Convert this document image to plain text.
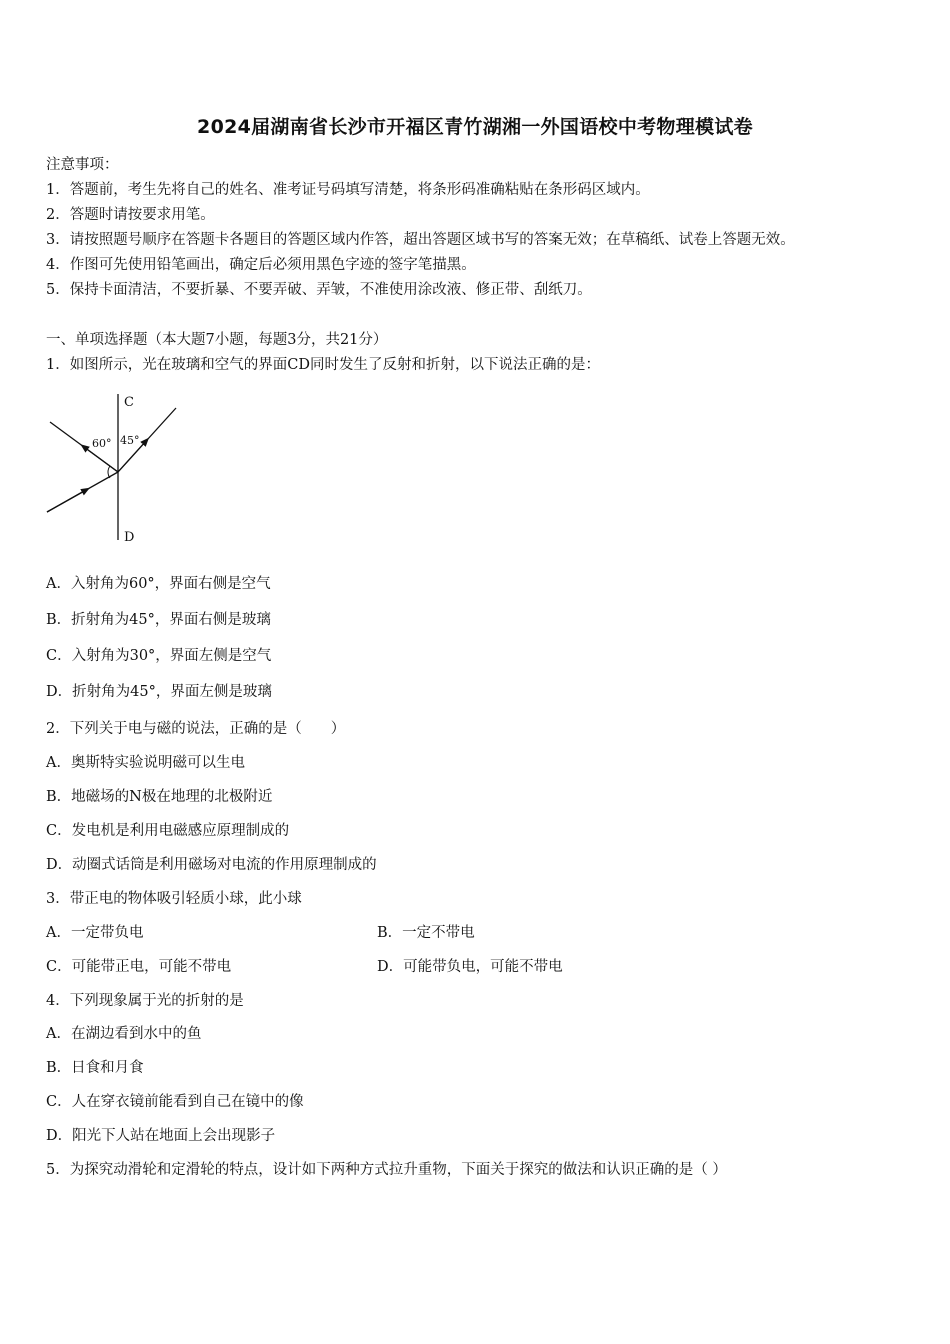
2024届湖南省长沙市开福区青竹湖湘一外国语校中考物理模试卷
注意事项：
1．答题前，考生先将自己的姓名、准考证号码填写清楚，将条形码准确粘贴在条形码区域内。
2．答题时请按要求用笔。
3．请按照题号顺序在答题卡各题目的答题区域内作答，超出答题区域书写的答案无效；在草稿纸、试卷上答题无效。
4．作图可先使用铅笔画出，确定后必须用黑色字迹的签字笔描黑。
5．保持卡面清洁，不要折暴、不要弄破、弄皱，不准使用涂改液、修正带、刮纸刀。
一、单项选择题（本大题7小题，每题3分，共21分）
1．如图所示，光在玻璃和空气的界面CD同时发生了反射和折射，以下说法正确的是：
C
D
60° 45°
A．入射角为60°，界面右侧是空气
B．折射角为45°，界面右侧是玻璃
C．入射角为30°，界面左侧是空气
D．折射角为45°，界面左侧是玻璃
2．下列关于电与磁的说法，正确的是（　　）
A．奥斯特实验说明磁可以生电
B．地磁场的N极在地理的北极附近
C．发电机是利用电磁感应原理制成的
D．动圈式话筒是利用磁场对电流的作用原理制成的
3．带正电的物体吸引轻质小球，此小球
A．一定带负电	B．一定不带电
C．可能带正电，可能不带电	D．可能带负电，可能不带电
4．下列现象属于光的折射的是
A．在湖边看到水中的鱼
B．日食和月食
C．人在穿衣镜前能看到自己在镜中的像
D．阳光下人站在地面上会出现影子
5．为探究动滑轮和定滑轮的特点，设计如下两种方式拉升重物，下面关于探究的做法和认识正确的是（ ）
